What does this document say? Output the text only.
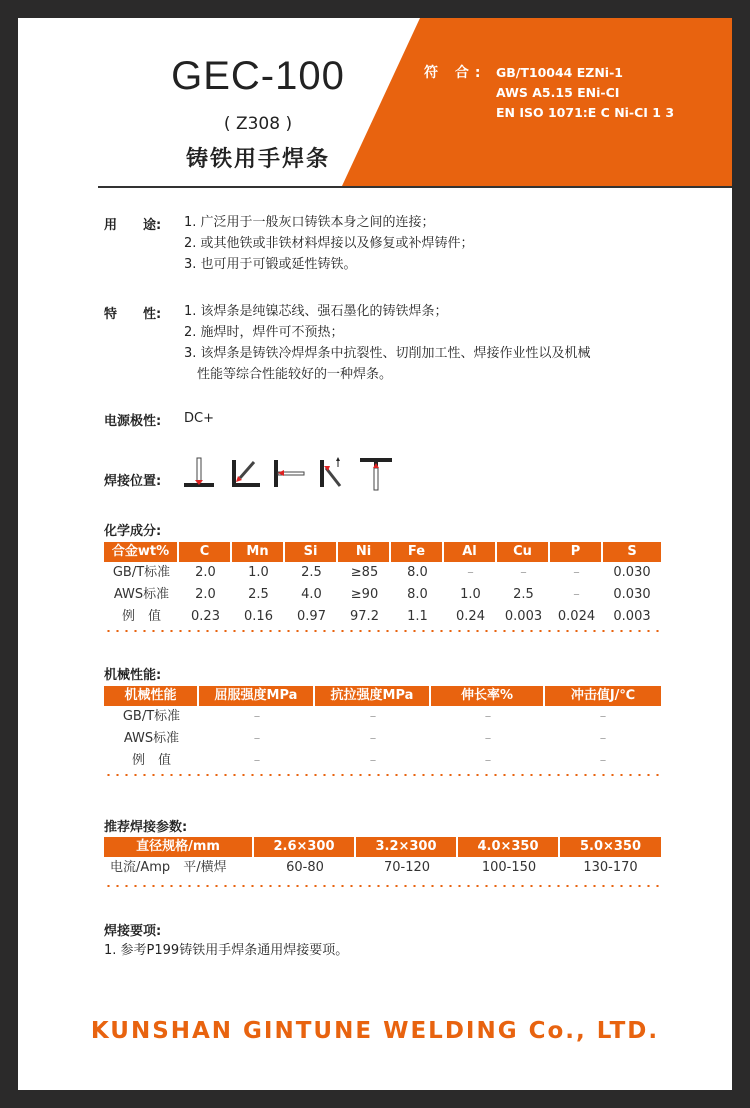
GEC-100
( Z308 )
铸铁用手焊条
符 合: GB/T10044 EZNi-1
AWS A5.15 ENi-CI
EN ISO 1071:E C Ni-CI 1 3
用　　途: 1. 广泛用于一般灰口铸铁本身之间的连接；
2. 或其他铁或非铁材料焊接以及修复或补焊铸件；
3. 也可用于可锻或延性铸铁。
特　　性: 1. 该焊条是纯镍芯线、强石墨化的铸铁焊条；
2. 施焊时，焊件可不预热；
3. 该焊条是铸铁冷焊焊条中抗裂性、切削加工性、焊接作业性以及机械
　性能等综合性能较好的一种焊条。
电源极性: DC+
焊接位置:
化学成分:
合金wt%	C	Mn	Si	Ni	Fe	Al	Cu	P	S
GB/T标准	2.0	1.0	2.5	≥85	8.0	–	–	–	0.030
AWS标准	2.0	2.5	4.0	≥90	8.0	1.0	2.5	–	0.030
例　值	0.23	0.16	0.97	97.2	1.1	0.24	0.003	0.024	0.003
机械性能:
机械性能	屈服强度MPa	抗拉强度MPa	伸长率%	冲击值J/℃
GB/T标准	–	–	–	–
AWS标准	–	–	–	–
例　值	–	–	–	–
推荐焊接参数:
直径规格/mm	2.6×300	3.2×300	4.0×350	5.0×350
电流/Amp　平/横焊	60-80	70-120	100-150	130-170
焊接要项:
1. 参考P199铸铁用手焊条通用焊接要项。
KUNSHAN GINTUNE WELDING Co., LTD.
